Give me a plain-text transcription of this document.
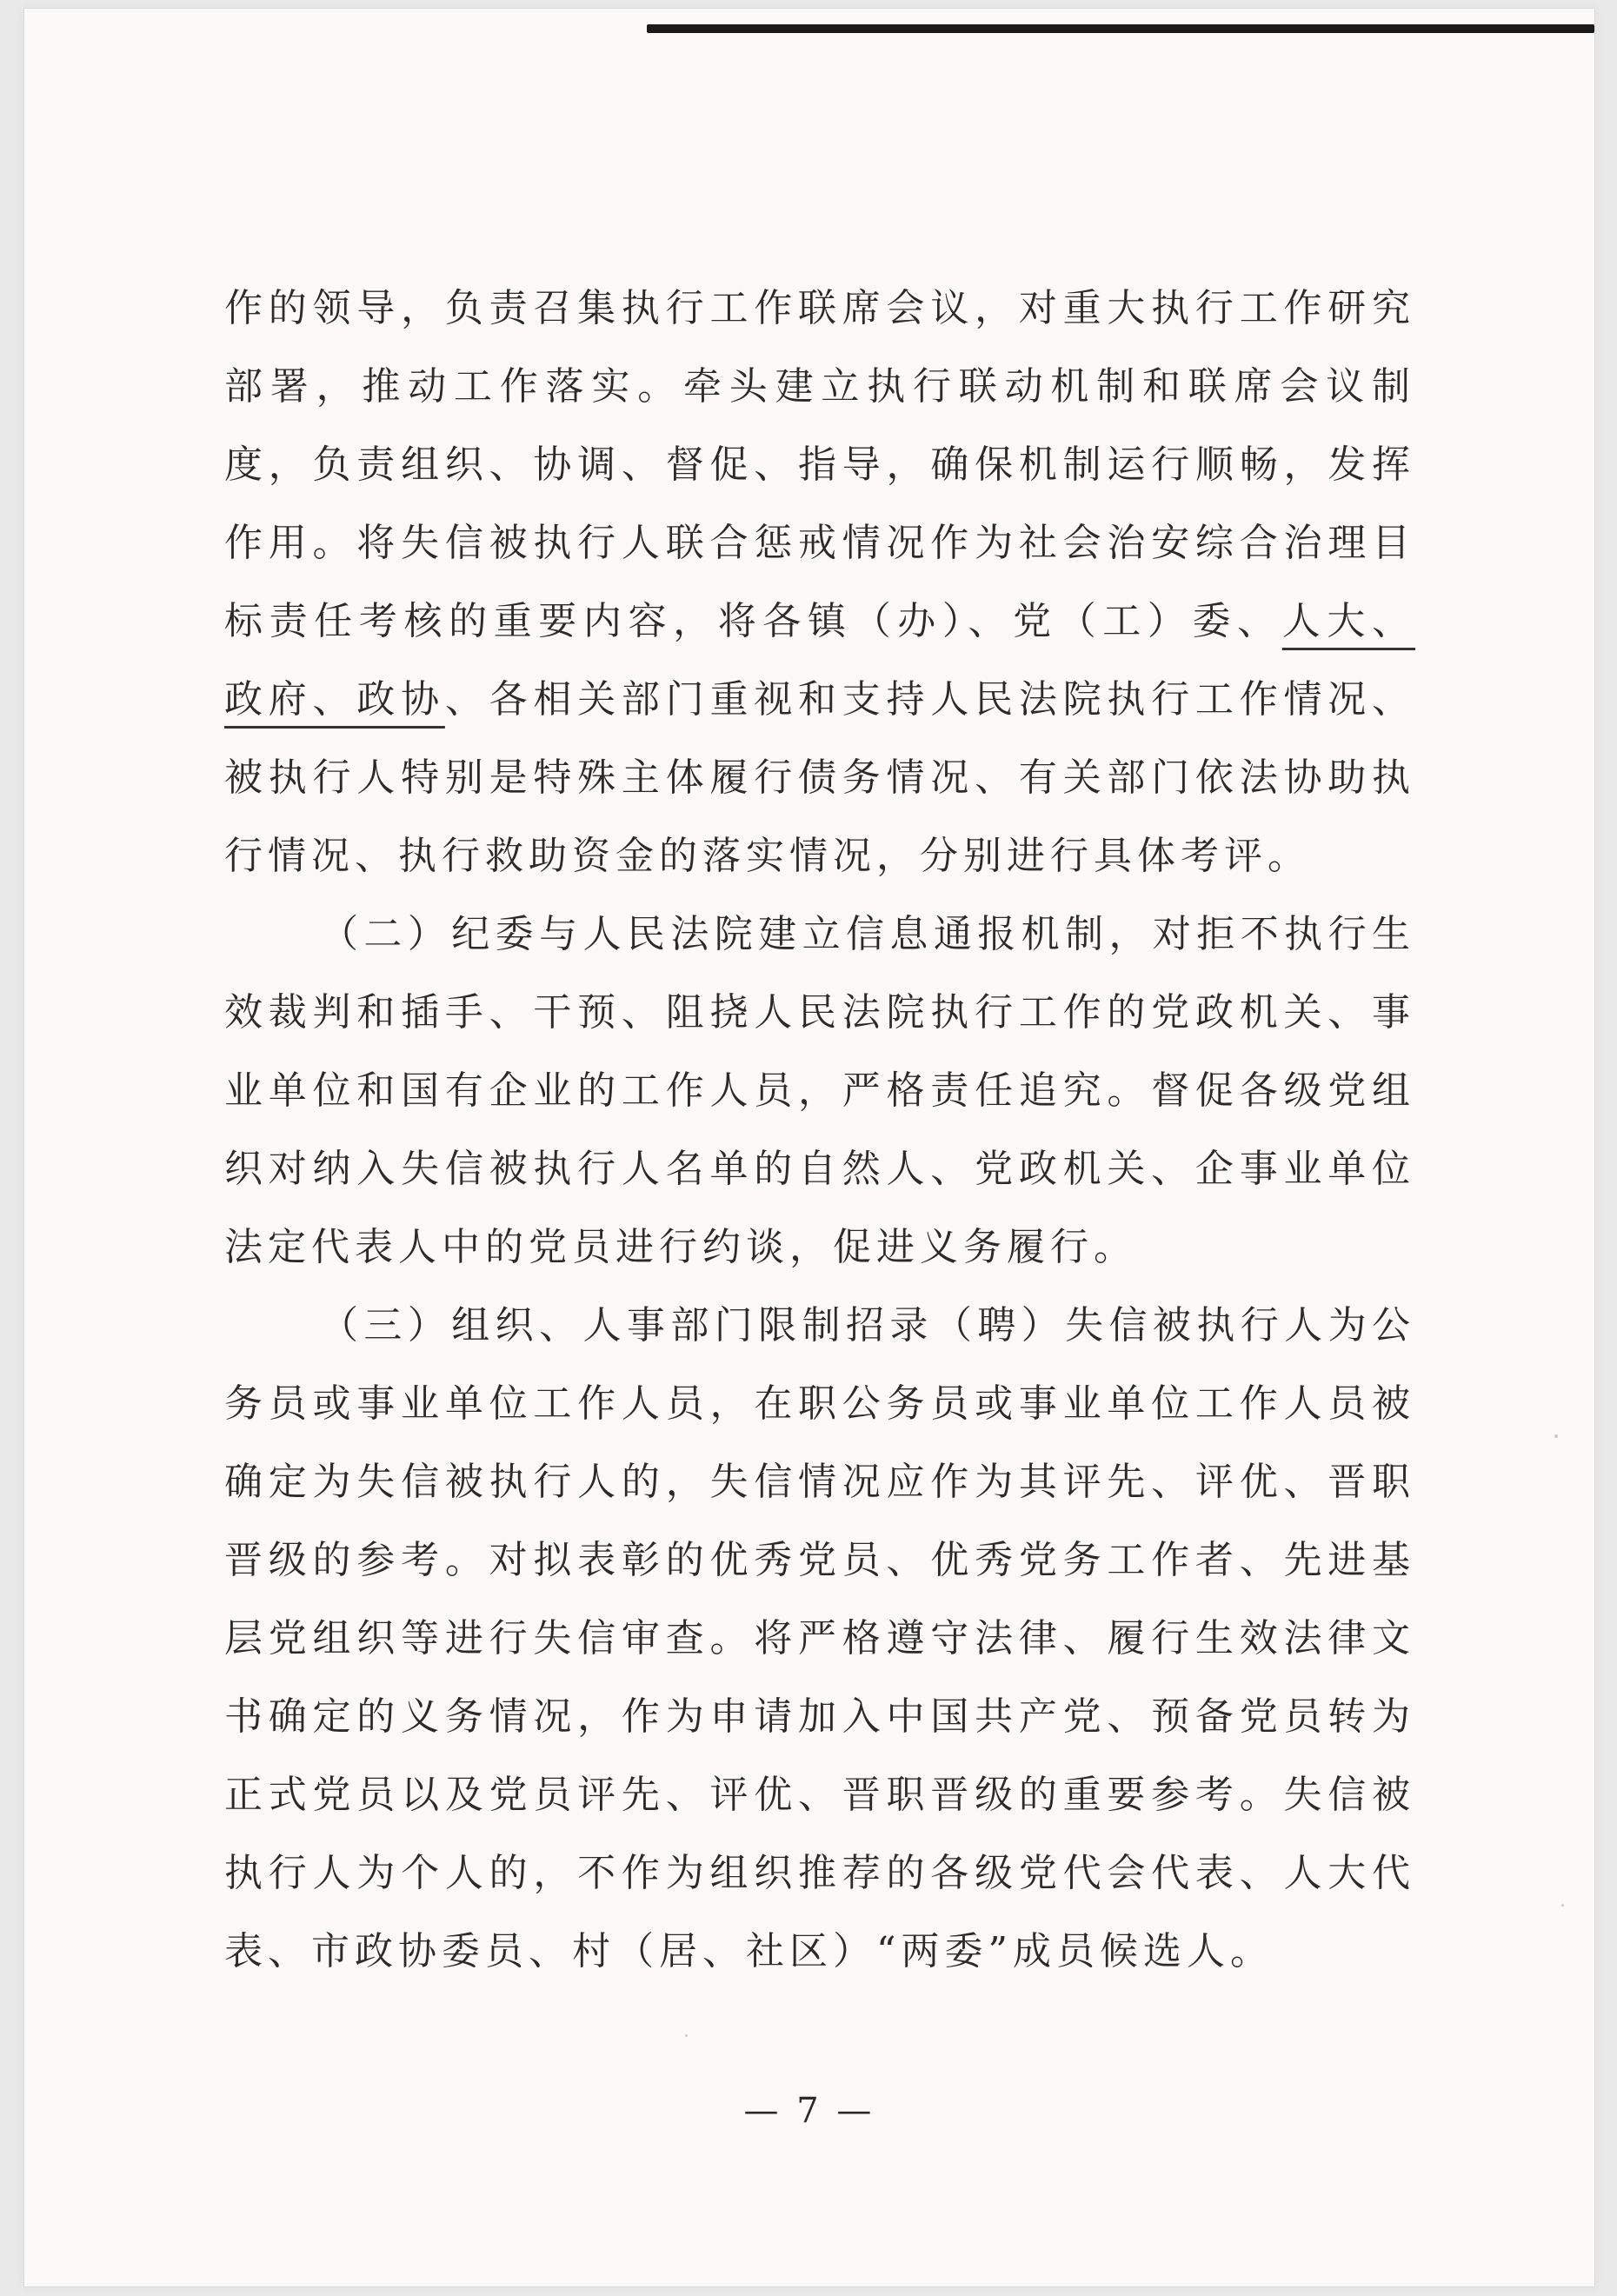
作的领导，负责召集执行工作联席会议，对重大执行工作研究部署，推动工作落实。牵头建立执行联动机制和联席会议制度，负责组织、协调、督促、指导，确保机制运行顺畅，发挥作用。将失信被执行人联合惩戒情况作为社会治安综合治理目标责任考核的重要内容，将各镇（办）、党（工）委、人大、政府、政协、各相关部门重视和支持人民法院执行工作情况、被执行人特别是特殊主体履行债务情况、有关部门依法协助执行情况、执行救助资金的落实情况，分别进行具体考评。

（二）纪委与人民法院建立信息通报机制，对拒不执行生效裁判和插手、干预、阻挠人民法院执行工作的党政机关、事业单位和国有企业的工作人员，严格责任追究。督促各级党组织对纳入失信被执行人名单的自然人、党政机关、企事业单位法定代表人中的党员进行约谈，促进义务履行。

（三）组织、人事部门限制招录（聘）失信被执行人为公务员或事业单位工作人员，在职公务员或事业单位工作人员被确定为失信被执行人的，失信情况应作为其评先、评优、晋职晋级的参考。对拟表彰的优秀党员、优秀党务工作者、先进基层党组织等进行失信审查。将严格遵守法律、履行生效法律文书确定的义务情况，作为申请加入中国共产党、预备党员转为正式党员以及党员评先、评优、晋职晋级的重要参考。失信被执行人为个人的，不作为组织推荐的各级党代会代表、人大代表、市政协委员、村（居、社区）“两委”成员候选人。

— 7 —
